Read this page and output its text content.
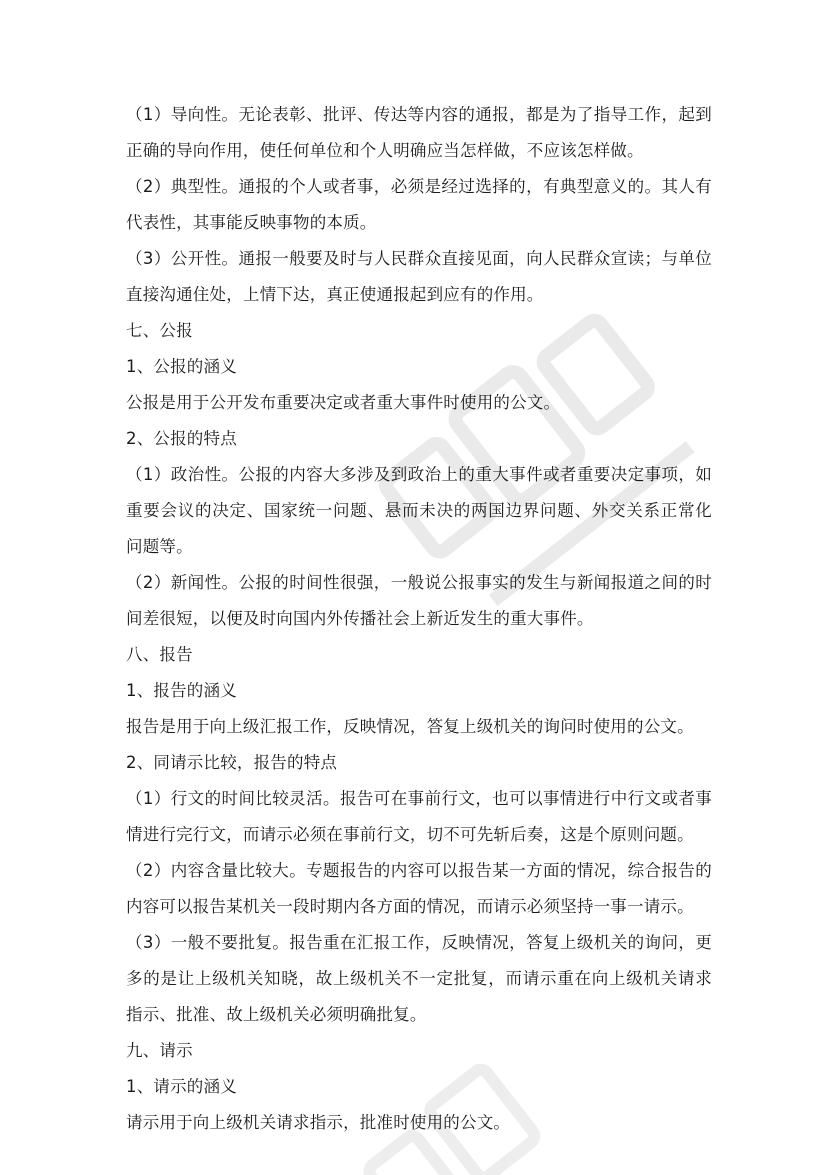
（1）导向性。无论表彰、批评、传达等内容的通报，都是为了指导工作，起到

正确的导向作用，使任何单位和个人明确应当怎样做，不应该怎样做。

（2）典型性。通报的个人或者事，必须是经过选择的，有典型意义的。其人有

代表性，其事能反映事物的本质。

（3）公开性。通报一般要及时与人民群众直接见面，向人民群众宣读；与单位

直接沟通住处，上情下达，真正使通报起到应有的作用。

七、公报

1、公报的涵义

公报是用于公开发布重要决定或者重大事件时使用的公文。

2、公报的特点

（1）政治性。公报的内容大多涉及到政治上的重大事件或者重要决定事项，如

重要会议的决定、国家统一问题、悬而未决的两国边界问题、外交关系正常化

问题等。

（2）新闻性。公报的时间性很强，一般说公报事实的发生与新闻报道之间的时

间差很短，以便及时向国内外传播社会上新近发生的重大事件。

八、报告

1、报告的涵义

报告是用于向上级汇报工作，反映情况，答复上级机关的询问时使用的公文。

2、同请示比较，报告的特点

（1）行文的时间比较灵活。报告可在事前行文，也可以事情进行中行文或者事

情进行完行文，而请示必须在事前行文，切不可先斩后奏，这是个原则问题。

（2）内容含量比较大。专题报告的内容可以报告某一方面的情况，综合报告的

内容可以报告某机关一段时期内各方面的情况，而请示必须坚持一事一请示。

（3）一般不要批复。报告重在汇报工作，反映情况，答复上级机关的询问，更

多的是让上级机关知晓，故上级机关不一定批复，而请示重在向上级机关请求

指示、批准、故上级机关必须明确批复。

九、请示

1、请示的涵义

请示用于向上级机关请求指示，批准时使用的公文。
